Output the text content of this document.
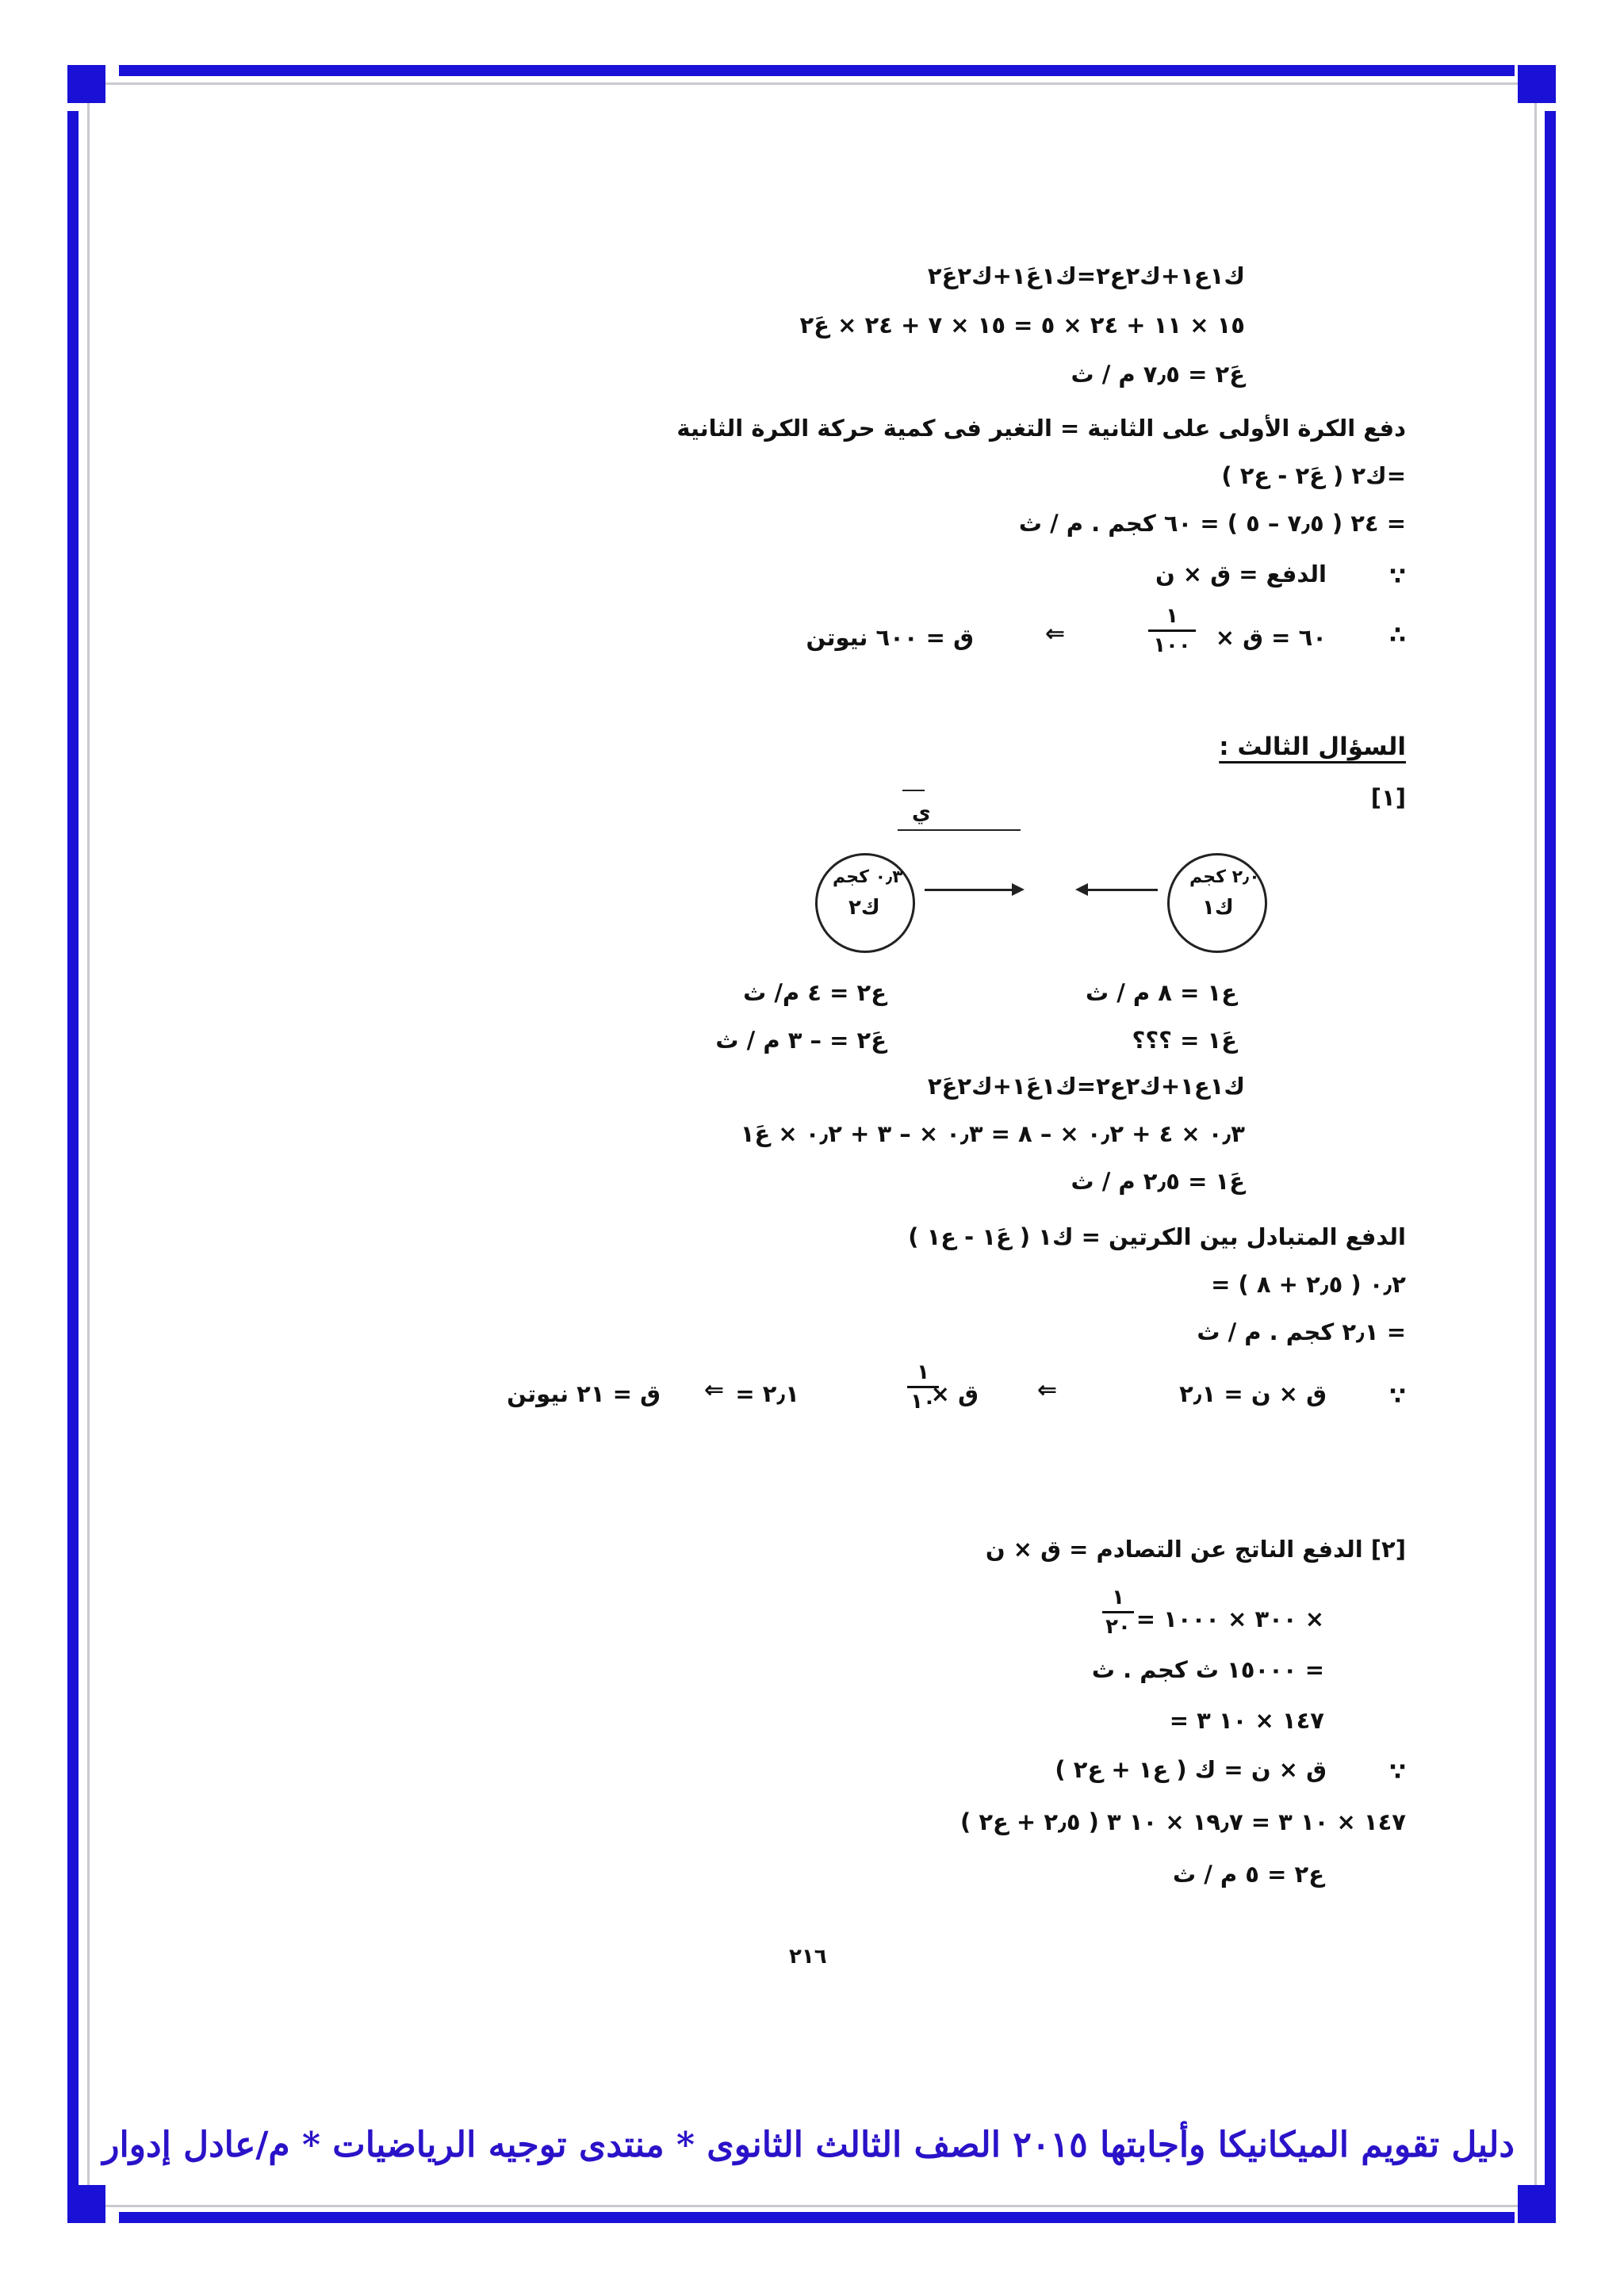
ك١ع١+ك٢ع٢=ك١ع١َ+ك٢ع٢َ
١٥ × ١١ + ٢٤ × ٥ = ١٥ × ٧ + ٢٤ × ع٢َ
ع٢َ = ٧٫٥ م / ث
دفع الكرة الأولى على الثانية = التغير فى كمية حركة الكرة الثانية
=ك٢ ( ع٢َ - ع٢ )
= ٢٤ ( ٧٫٥ – ٥ ) = ٦٠ كجم . م / ث
∵
الدفع = ق × ن
∴
٦٠ = ق ×
١
١٠٠
⇐
ق = ٦٠٠ نيوتن
السؤال الثالث :
[١]
ي
٢٫٠ كجم
ك١
٠٫٣ كجم
ك٢
ع١ = ٨ م / ث
ع٢ = ٤ م/ ث
ع١َ = ؟؟؟
ع٢َ = – ٣ م / ث
ك١ع١+ك٢ع٢=ك١ع١َ+ك٢ع٢َ
٠٫٣ × ٤ + ٠٫٢ × – ٨ = ٠٫٣ × – ٣ + ٠٫٢ × ع١َ
ع١َ = ٢٫٥ م / ث
الدفع المتبادل بين الكرتين = ك١ ( ع١َ - ع١ )
= ٠٫٢ ( ٢٫٥ + ٨ )
= ٢٫١ كجم . م / ث
∵
ق × ن = ٢٫١
⇐
= ٢٫١
١
١٠
ق ×
⇐
ق = ٢١ نيوتن
[٢] الدفع الناتج عن التصادم = ق × ن
١
٢٠ = ٣٠٠ × ١٠٠٠ ×
= ١٥٠٠٠ ث كجم . ث
= ١٤٧ × ١٠ ٣
∵
ق × ن = ك ( ع١ + ع٢ )
١٤٧ × ١٠ ٣ = ١٩٫٧ × ١٠ ٣ ( ٢٫٥ + ع٢ )
ع٢ = ٥ م / ث
٢١٦
دليل تقويم الميكانيكا وأجابتها ٢٠١٥ الصف الثالث الثانوى * منتدى توجيه الرياضيات * م/عادل إدوار
